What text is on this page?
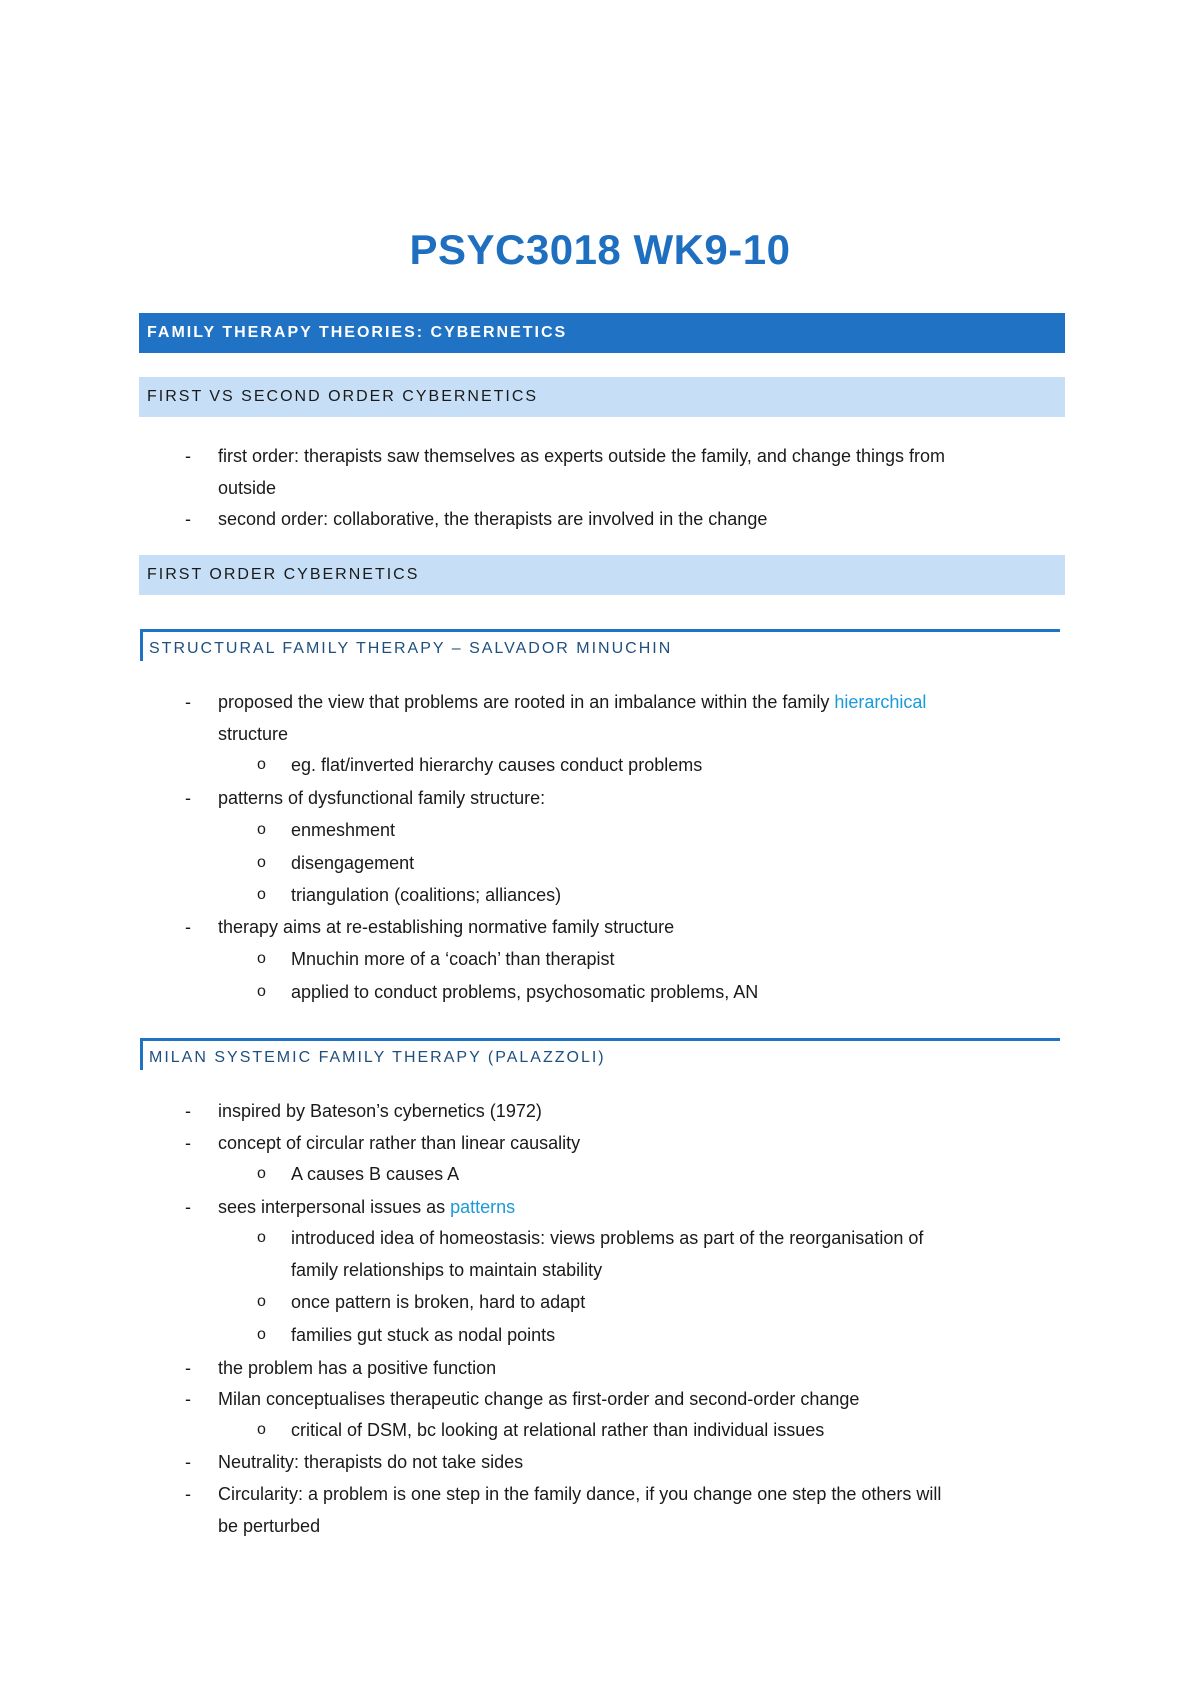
PSYC3018 WK9-10
FAMILY THERAPY THEORIES: CYBERNETICS
FIRST VS SECOND ORDER CYBERNETICS
- first order: therapists saw themselves as experts outside the family, and change things from
outside
- second order: collaborative, the therapists are involved in the change
FIRST ORDER CYBERNETICS
STRUCTURAL FAMILY THERAPY – SALVADOR MINUCHIN
- proposed the view that problems are rooted in an imbalance within the family hierarchical
structure
o eg. flat/inverted hierarchy causes conduct problems
- patterns of dysfunctional family structure:
o enmeshment
o disengagement
o triangulation (coalitions; alliances)
- therapy aims at re-establishing normative family structure
o Mnuchin more of a ‘coach’ than therapist
o applied to conduct problems, psychosomatic problems, AN
MILAN SYSTEMIC FAMILY THERAPY (PALAZZOLI)
- inspired by Bateson’s cybernetics (1972)
- concept of circular rather than linear causality
o A causes B causes A
- sees interpersonal issues as patterns
o introduced idea of homeostasis: views problems as part of the reorganisation of
family relationships to maintain stability
o once pattern is broken, hard to adapt
o families gut stuck as nodal points
- the problem has a positive function
- Milan conceptualises therapeutic change as first-order and second-order change
o critical of DSM, bc looking at relational rather than individual issues
- Neutrality: therapists do not take sides
- Circularity: a problem is one step in the family dance, if you change one step the others will
be perturbed
